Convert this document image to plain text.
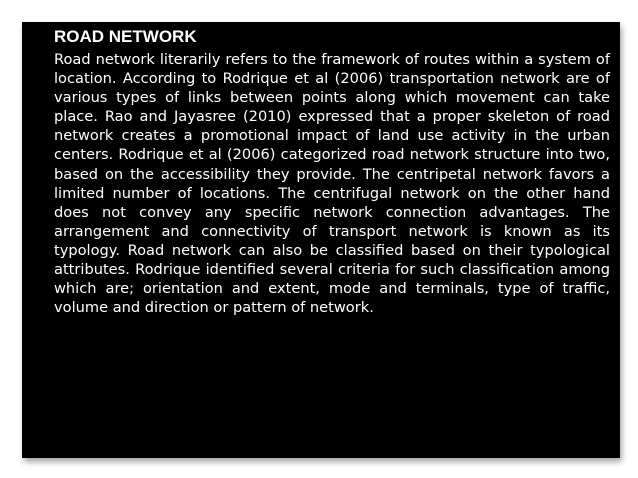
ROAD NETWORK

Road network literarily refers to the framework of routes within a system of location. According to Rodrique et al (2006) transportation network are of various types of links between points along which movement can take place. Rao and Jayasree (2010) expressed that a proper skeleton of road network creates a promotional impact of land use activity in the urban centers. Rodrique et al (2006) categorized road network structure into two, based on the accessibility they provide. The centripetal network favors a limited number of locations. The centrifugal network on the other hand does not convey any specific network connection advantages. The arrangement and connectivity of transport network is known as its typology. Road network can also be classified based on their typological attributes. Rodrique identified several criteria for such classification among which are; orientation and extent, mode and terminals, type of traffic, volume and direction or pattern of network.
